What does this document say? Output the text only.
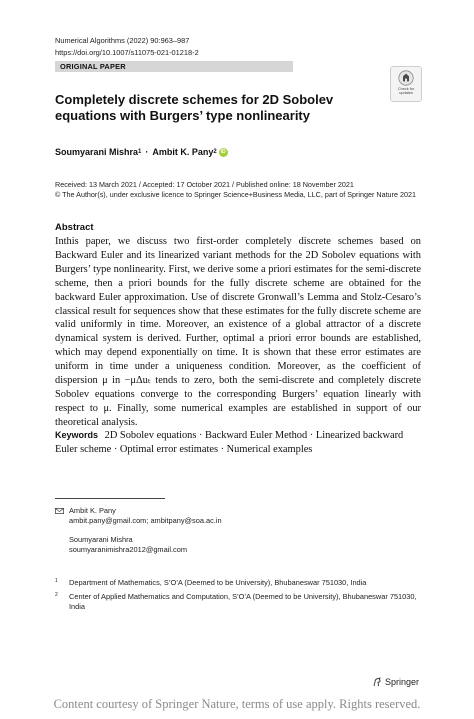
Numerical Algorithms (2022) 90:963–987
https://doi.org/10.1007/s11075-021-01218-2
ORIGINAL PAPER
Check for updates
Completely discrete schemes for 2D Sobolev equations with Burgers’ type nonlinearity
Soumyarani Mishra 1 · Ambit K. Pany 2 iD
Received: 13 March 2021 / Accepted: 17 October 2021 / Published online: 18 November 2021
© The Author(s), under exclusive licence to Springer Science+Business Media, LLC, part of Springer Nature 2021
Abstract
Inthis paper, we discuss two first-order completely discrete schemes based on Backward Euler and its linearized variant methods for the 2D Sobolev equations with Burgers’ type nonlinearity. First, we derive some a priori estimates for the semi-discrete scheme, then a priori bounds for the fully discrete scheme are obtained for the backward Euler approximation. Use of discrete Gronwall’s Lemma and Stolz-Cesaro’s classical result for sequences show that these estimates for the fully discrete scheme are valid uniformly in time. Moreover, an existence of a global attractor of a discrete dynamical system is derived. Further, optimal a priori error bounds are established, which may depend exponentially on time. It is shown that these error estimates are uniform in time under a uniqueness condition. Moreover, as the coefficient of dispersion μ in −μΔuₜ tends to zero, both the semi-discrete and completely discrete Sobolev equations converge to the corresponding Burgers’ equation linearly with respect to μ. Finally, some numerical examples are established in support of our theoretical analysis.
Keywords 2D Sobolev equations · Backward Euler Method · Linearized backward Euler scheme · Optimal error estimates · Numerical examples
Ambit K. Pany
ambit.pany@gmail.com; ambitpany@soa.ac.in
Soumyarani Mishra
soumyaranimishra2012@gmail.com
1 Department of Mathematics, S’O’A (Deemed to be University), Bhubaneswar 751030, India
2 Center of Applied Mathematics and Computation, S’O’A (Deemed to be University), Bhubaneswar 751030, India
Springer
Content courtesy of Springer Nature, terms of use apply. Rights reserved.
